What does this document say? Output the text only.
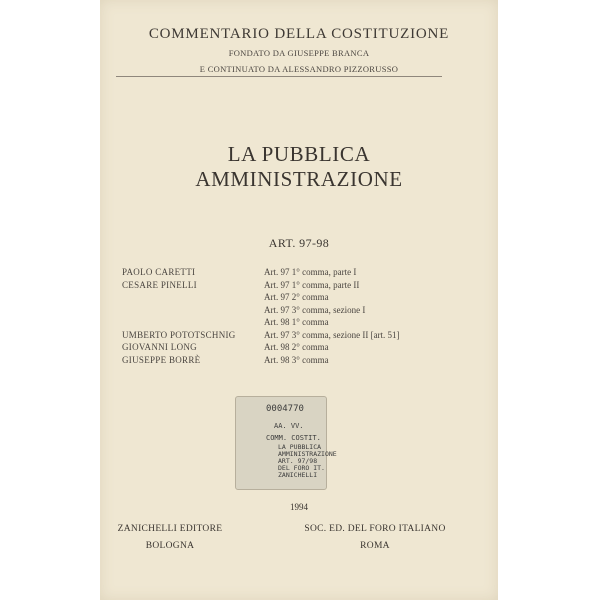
COMMENTARIO DELLA COSTITUZIONE
FONDATO DA GIUSEPPE BRANCA
E CONTINUATO DA ALESSANDRO PIZZORUSSO
LA PUBBLICA
AMMINISTRAZIONE
ART. 97-98
PAOLO CARETTI	Art. 97 1° comma, parte I
CESARE PINELLI	Art. 97 1° comma, parte II
Art. 97 2° comma
Art. 97 3° comma, sezione I
Art. 98 1° comma
UMBERTO POTOTSCHNIG	Art. 97 3° comma, sezione II [art. 51]
GIOVANNI LONG	Art. 98 2° comma
GIUSEPPE BORRÈ	Art. 98 3° comma
0004770
AA. VV.
COMM. COSTIT.
LA PUBBLICA
AMMINISTRAZIONE
ART. 97/98
DEL FORO IT.
ZANICHELLI
1994
ZANICHELLI EDITORE
BOLOGNA
SOC. ED. DEL FORO ITALIANO
ROMA
